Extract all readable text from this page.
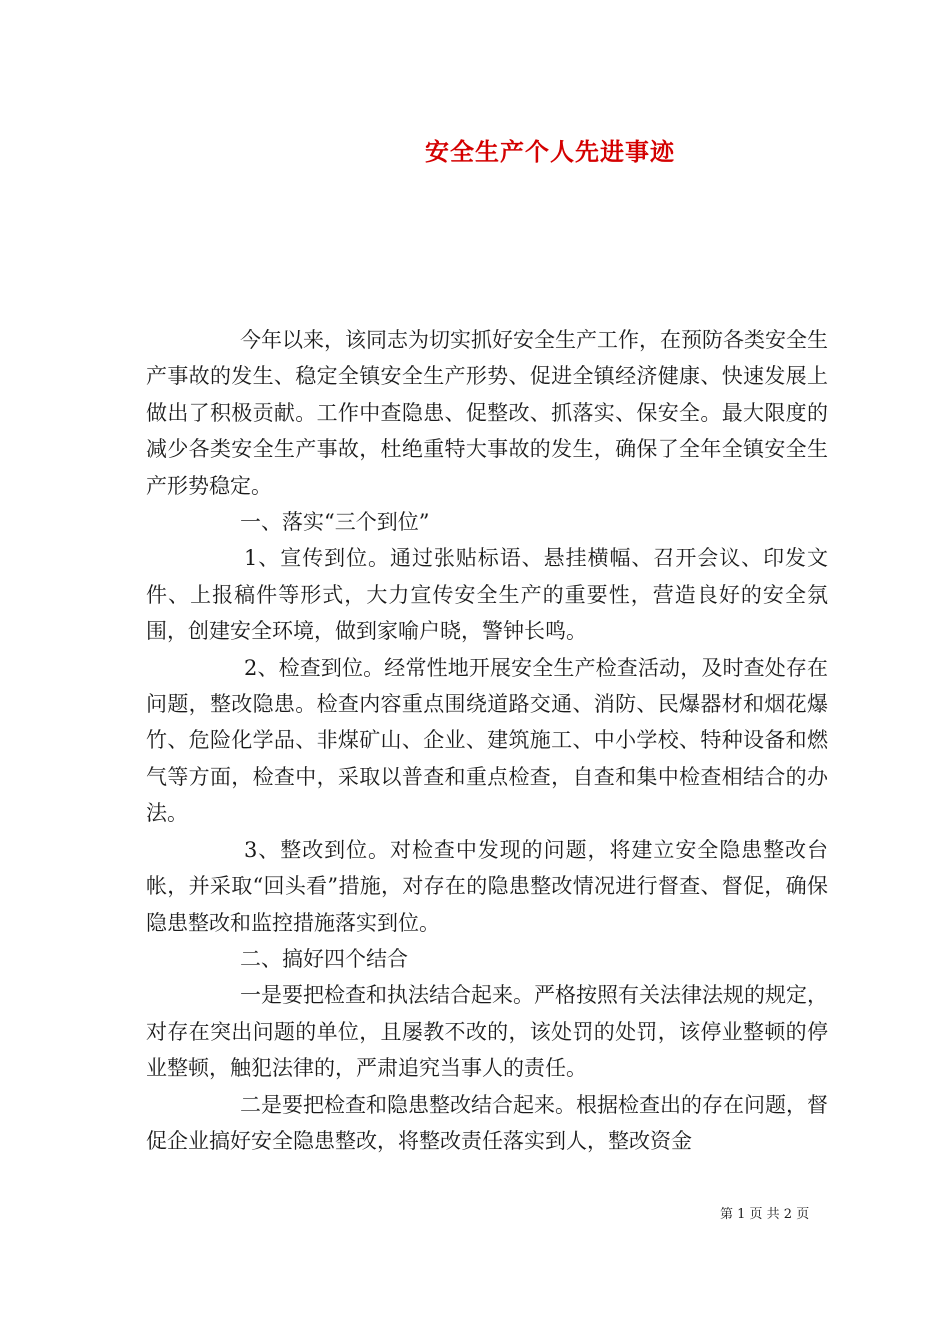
安全生产个人先进事迹

今年以来，该同志为切实抓好安全生产工作，在预防各类安全生产事故的发生、稳定全镇安全生产形势、促进全镇经济健康、快速发展上做出了积极贡献。工作中查隐患、促整改、抓落实、保安全。最大限度的减少各类安全生产事故，杜绝重特大事故的发生，确保了全年全镇安全生产形势稳定。

一、落实“三个到位”

1、宣传到位。通过张贴标语、悬挂横幅、召开会议、印发文件、上报稿件等形式，大力宣传安全生产的重要性，营造良好的安全氛围，创建安全环境，做到家喻户晓，警钟长鸣。

2、检查到位。经常性地开展安全生产检查活动，及时查处存在问题，整改隐患。检查内容重点围绕道路交通、消防、民爆器材和烟花爆竹、危险化学品、非煤矿山、企业、建筑施工、中小学校、特种设备和燃气等方面，检查中，采取以普查和重点检查，自查和集中检查相结合的办法。

3、整改到位。对检查中发现的问题，将建立安全隐患整改台帐，并采取“回头看”措施，对存在的隐患整改情况进行督查、督促，确保隐患整改和监控措施落实到位。

二、搞好四个结合

一是要把检查和执法结合起来。严格按照有关法律法规的规定，对存在突出问题的单位，且屡教不改的，该处罚的处罚，该停业整顿的停业整顿，触犯法律的，严肃追究当事人的责任。

二是要把检查和隐患整改结合起来。根据检查出的存在问题，督促企业搞好安全隐患整改，将整改责任落实到人，整改资金

第 1 页 共 2 页
